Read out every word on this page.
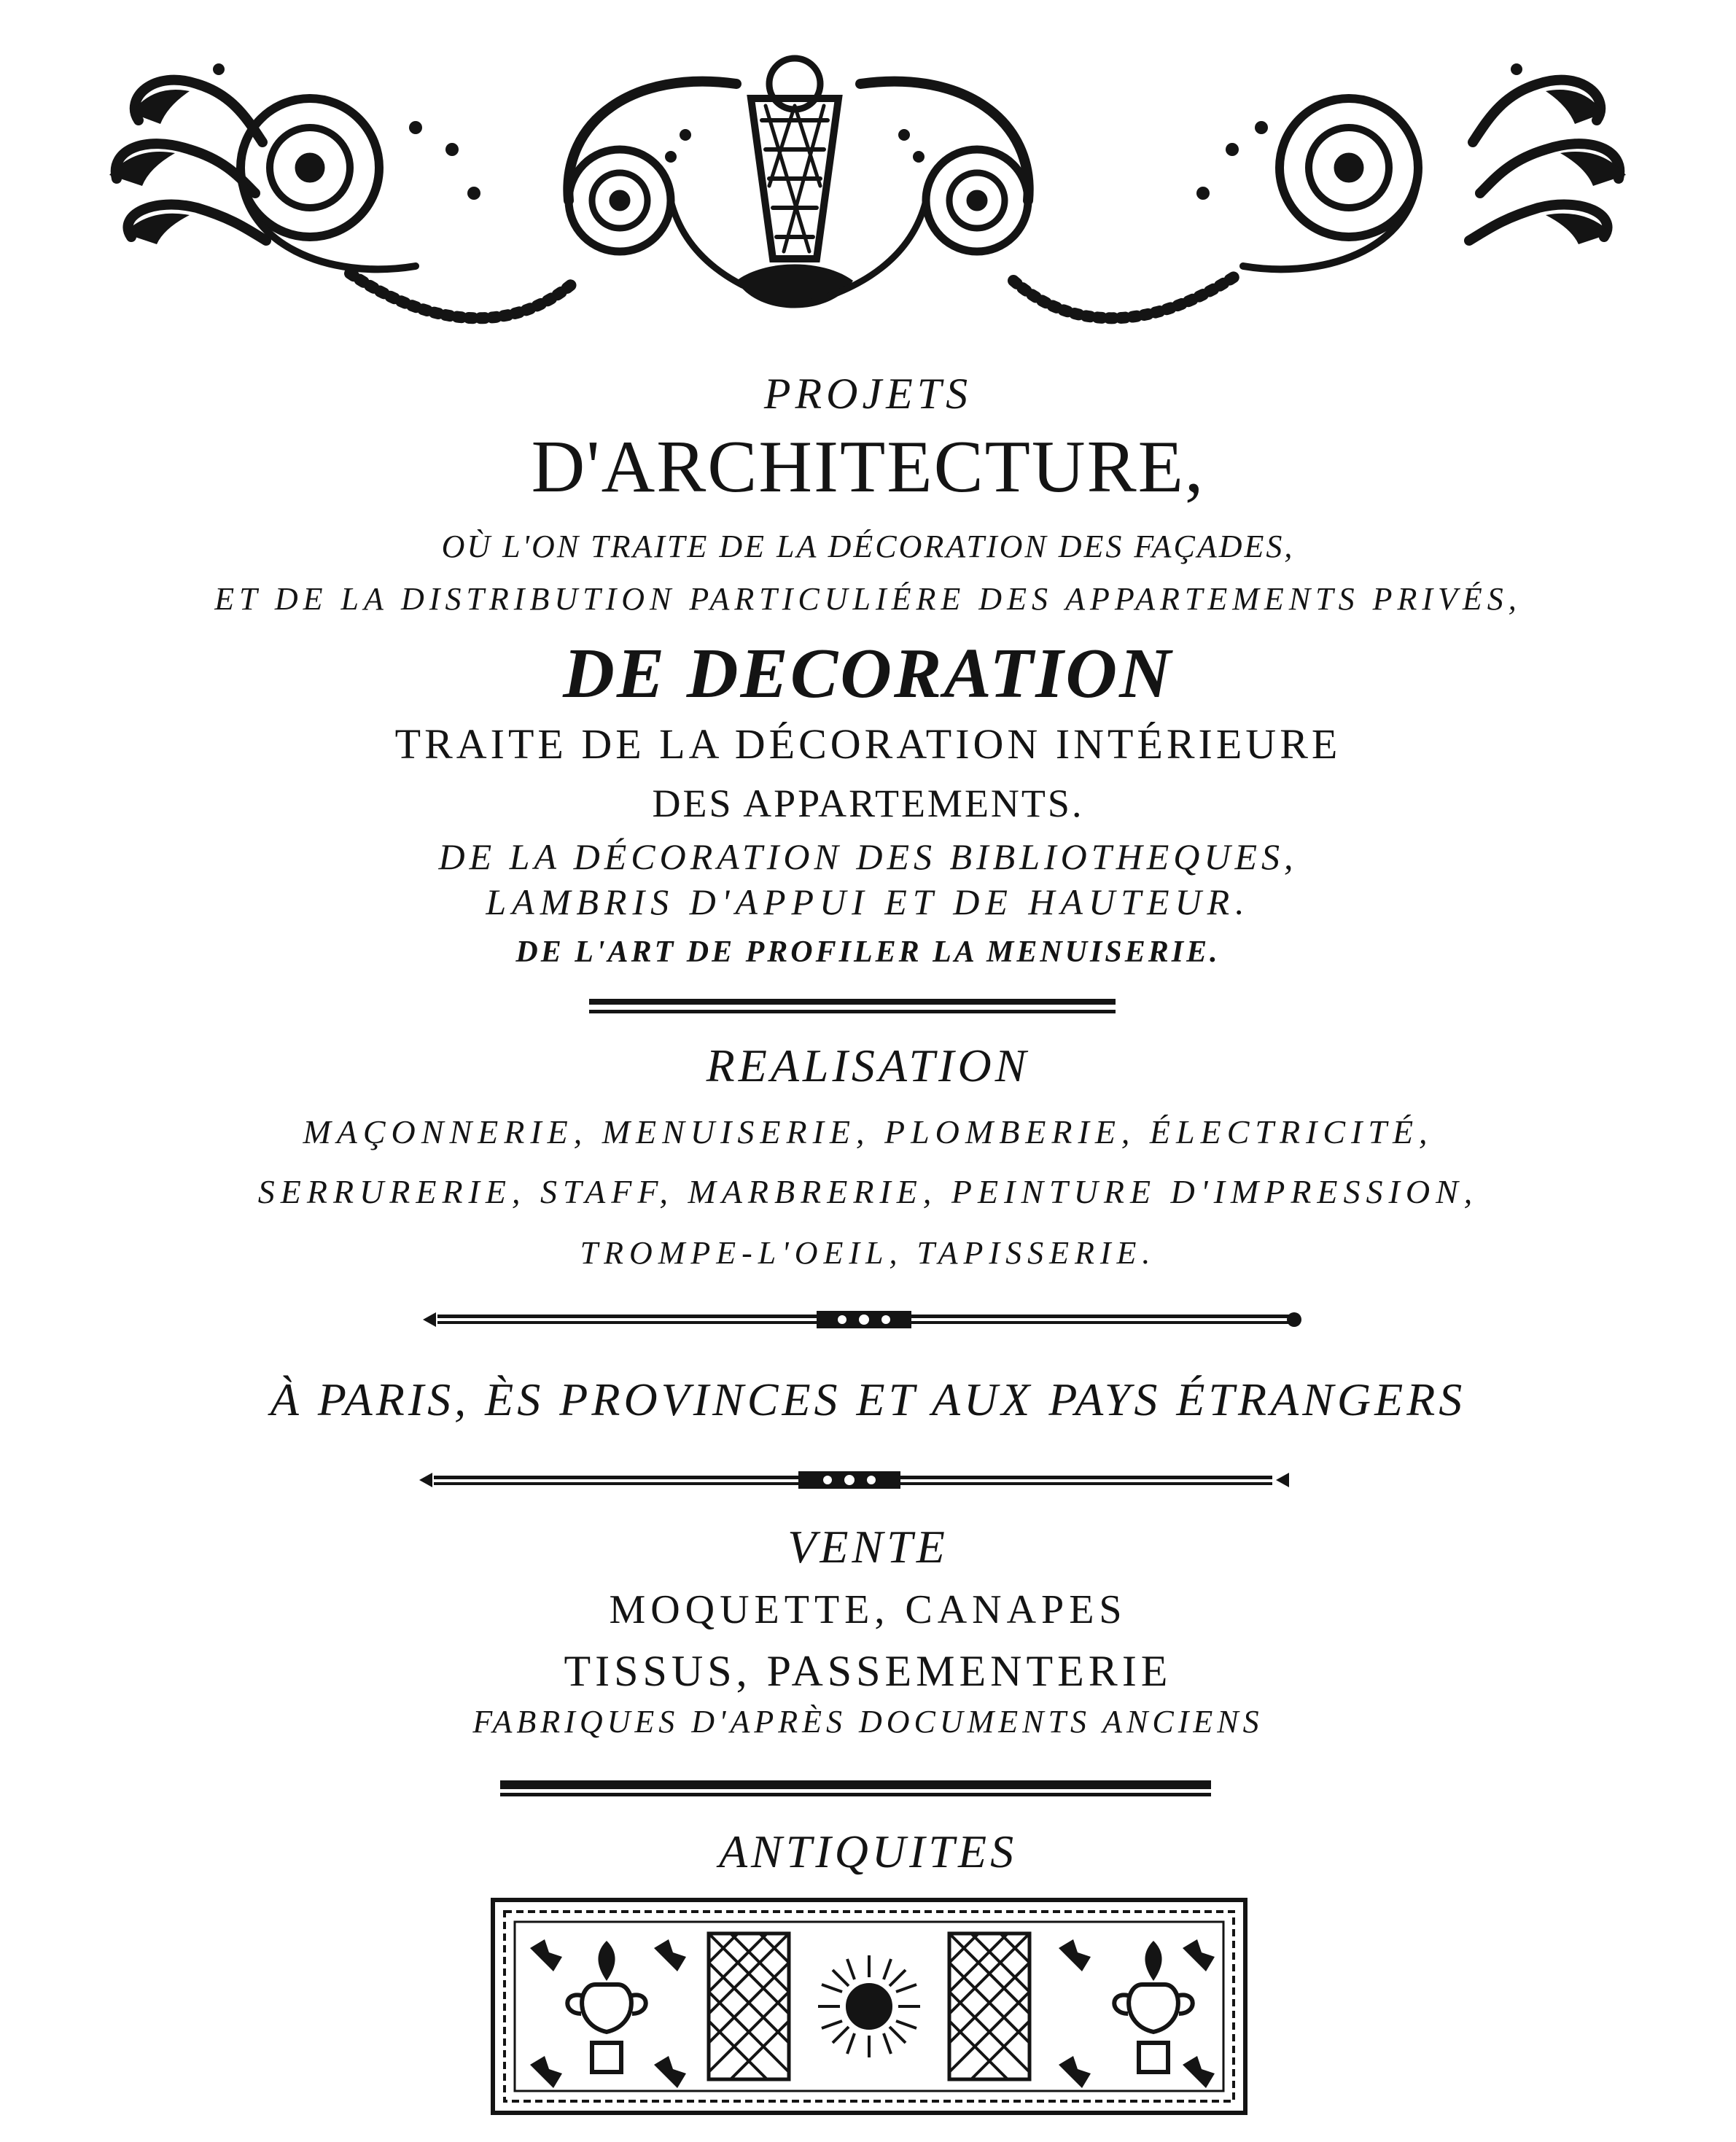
PROJETS
D'ARCHITECTURE,
OÙ L'ON TRAITE DE LA DÉCORATION DES FAÇADES,
ET DE LA DISTRIBUTION PARTICULIÉRE DES APPARTEMENTS PRIVÉS,
DE DECORATION
TRAITE DE LA DÉCORATION INTÉRIEURE
DES APPARTEMENTS.
DE LA DÉCORATION DES BIBLIOTHEQUES,
LAMBRIS D'APPUI ET DE HAUTEUR.
DE L'ART DE PROFILER LA MENUISERIE.
REALISATION
MAÇONNERIE, MENUISERIE, PLOMBERIE, ÉLECTRICITÉ,
SERRURERIE, STAFF, MARBRERIE, PEINTURE D'IMPRESSION,
TROMPE-L'OEIL, TAPISSERIE.
À PARIS, ÈS PROVINCES ET AUX PAYS ÉTRANGERS
VENTE
MOQUETTE, CANAPES
TISSUS, PASSEMENTERIE
FABRIQUES D'APRÈS DOCUMENTS ANCIENS
ANTIQUITES
